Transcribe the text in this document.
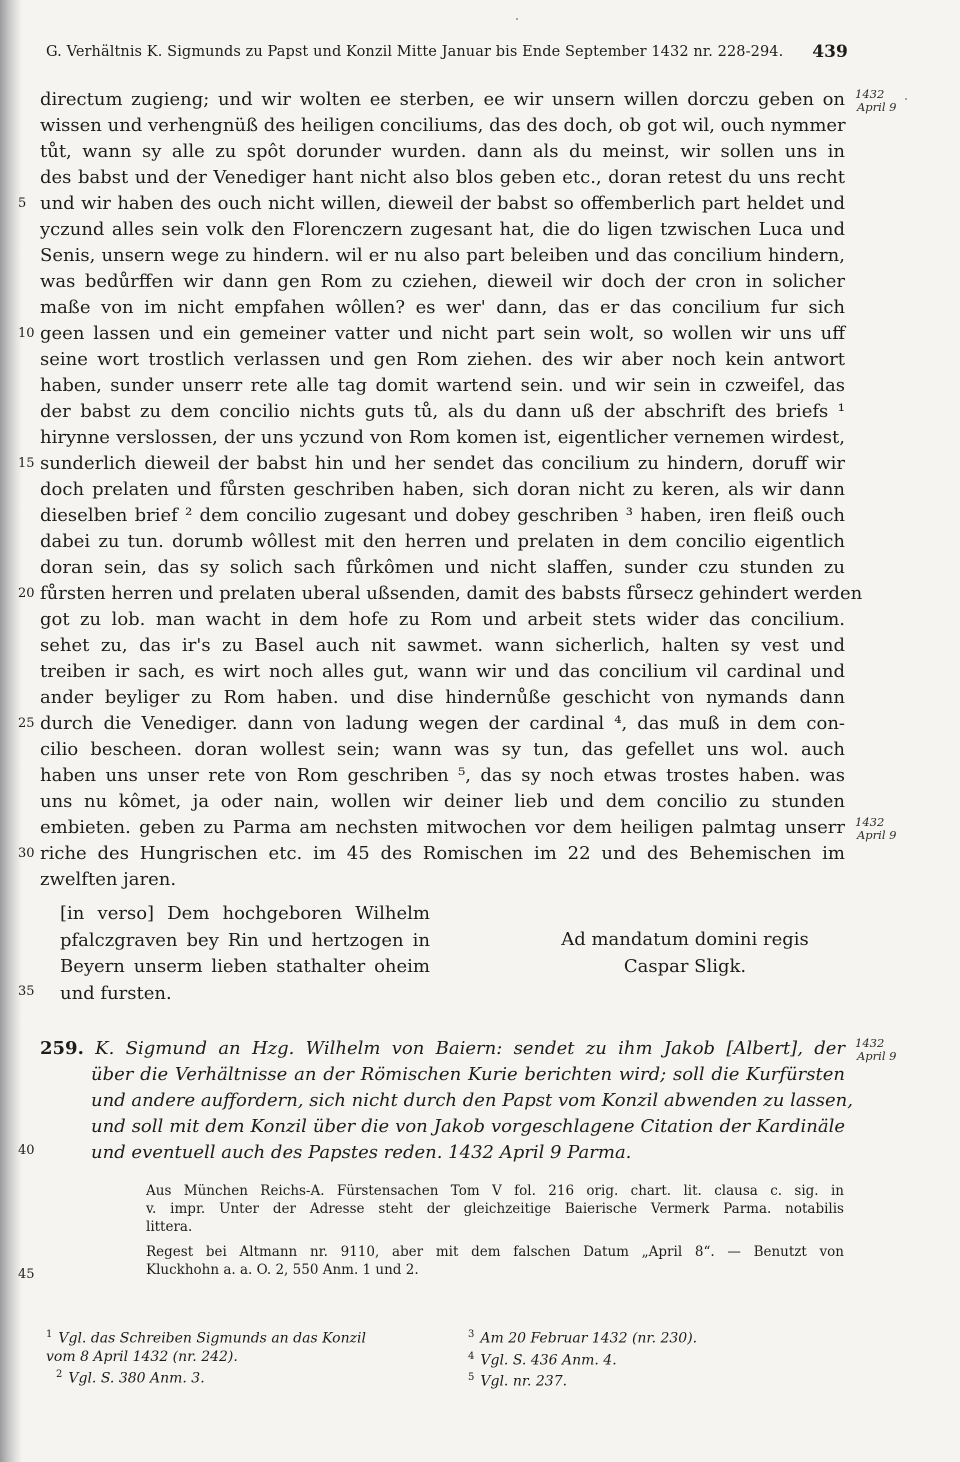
G. Verhältnis K. Sigmunds zu Papst und Konzil Mitte Januar bis Ende September 1432 nr. 228-294. 439
directum zugieng; und wir wolten ee sterben, ee wir unsern willen dorczu geben on
wissen und verhengnüß des heiligen conciliums, das des doch, ob got wil, ouch nymmer
tůt, wann sy alle zu spôt dorunder wurden. dann als du meinst, wir sollen uns in
des babst und der Venediger hant nicht also blos geben etc., doran retest du uns recht
und wir haben des ouch nicht willen, dieweil der babst so offemberlich part heldet und
yczund alles sein volk den Florenczern zugesant hat, die do ligen tzwischen Luca und
Senis, unsern wege zu hindern. wil er nu also part beleiben und das concilium hindern,
was bedůrffen wir dann gen Rom zu cziehen, dieweil wir doch der cron in solicher
maße von im nicht empfahen wôllen? es wer' dann, das er das concilium fur sich
geen lassen und ein gemeiner vatter und nicht part sein wolt, so wollen wir uns uff
seine wort trostlich verlassen und gen Rom ziehen. des wir aber noch kein antwort
haben, sunder unserr rete alle tag domit wartend sein. und wir sein in czweifel, das
der babst zu dem concilio nichts guts tů, als du dann uß der abschrift des briefs ¹
hirynne verslossen, der uns yczund von Rom komen ist, eigentlicher vernemen wirdest,
sunderlich dieweil der babst hin und her sendet das concilium zu hindern, doruff wir
doch prelaten und fůrsten geschriben haben, sich doran nicht zu keren, als wir dann
dieselben brief ² dem concilio zugesant und dobey geschriben ³ haben, iren fleiß ouch
dabei zu tun. dorumb wôllest mit den herren und prelaten in dem concilio eigentlich
doran sein, das sy solich sach fůrkômen und nicht slaffen, sunder czu stunden zu
fůrsten herren und prelaten uberal ußsenden, damit des babsts fůrsecz gehindert werden
got zu lob. man wacht in dem hofe zu Rom und arbeit stets wider das concilium.
sehet zu, das ir's zu Basel auch nit sawmet. wann sicherlich, halten sy vest und
treiben ir sach, es wirt noch alles gut, wann wir und das concilium vil cardinal und
ander beyliger zu Rom haben. und dise hindernůße geschicht von nymands dann
durch die Venediger. dann von ladung wegen der cardinal ⁴, das muß in dem con-
cilio bescheen. doran wollest sein; wann was sy tun, das gefellet uns wol. auch
haben uns unser rete von Rom geschriben ⁵, das sy noch etwas trostes haben. was
uns nu kômet, ja oder nain, wollen wir deiner lieb und dem concilio zu stunden
embieten. geben zu Parma am nechsten mitwochen vor dem heiligen palmtag unserr
riche des Hungrischen etc. im 45 des Romischen im 22 und des Behemischen im
zwelften jaren.
5
10
15
20
25
30
35
40
45
1432
April 9
1432
April 9
1432
April 9
[in verso] Dem hochgeboren Wilhelm
pfalczgraven bey Rin und hertzogen in
Beyern unserm lieben stathalter oheim
und fursten.
Ad mandatum domini regis
Caspar Sligk.
259. K. Sigmund an Hzg. Wilhelm von Baiern: sendet zu ihm Jakob [Albert], der
über die Verhältnisse an der Römischen Kurie berichten wird; soll die Kurfürsten
und andere auffordern, sich nicht durch den Papst vom Konzil abwenden zu lassen,
und soll mit dem Konzil über die von Jakob vorgeschlagene Citation der Kardinäle
und eventuell auch des Papstes reden. 1432 April 9 Parma.
Aus München Reichs-A. Fürstensachen Tom V fol. 216 orig. chart. lit. clausa c. sig. in
v. impr. Unter der Adresse steht der gleichzeitige Baierische Vermerk Parma. notabilis
littera.
Regest bei Altmann nr. 9110, aber mit dem falschen Datum „April 8“. — Benutzt von
Kluckhohn a. a. O. 2, 550 Anm. 1 und 2.
$^1$ Vgl. das Schreiben Sigmunds an das Konzil
vom 8 April 1432 (nr. 242).
$^2$ Vgl. S. 380 Anm. 3.
$^3$ Am 20 Februar 1432 (nr. 230).
$^4$ Vgl. S. 436 Anm. 4.
$^5$ Vgl. nr. 237.
